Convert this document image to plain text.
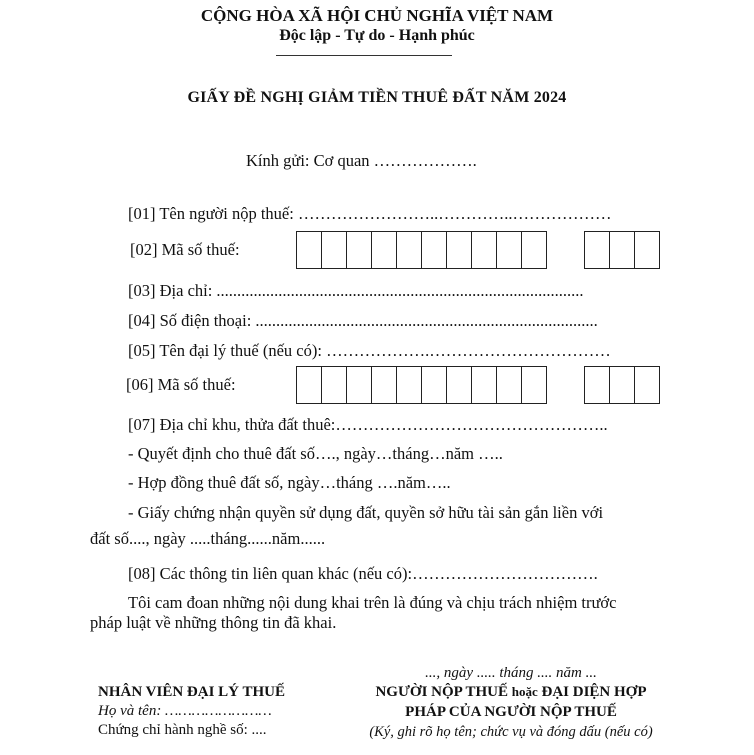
CỘNG HÒA XÃ HỘI CHỦ NGHĨA VIỆT NAM
Độc lập - Tự do - Hạnh phúc
GIẤY ĐỀ NGHỊ GIẢM TIỀN THUÊ ĐẤT NĂM 2024
Kính gửi: Cơ quan ……………….
[01] Tên người nộp thuế: ……………………..…………..………………
[02] Mã số thuế:
[03] Địa chỉ: .........................................................................................
[04] Số điện thoại: ...................................................................................
[05] Tên đại lý thuế (nếu có): ……………….……………………………
[06] Mã số thuế:
[07] Địa chỉ khu, thửa đất thuê:…………………………………………..
- Quyết định cho thuê đất số…., ngày…tháng…năm …..
- Hợp đồng thuê đất số, ngày…tháng ….năm…..
- Giấy chứng nhận quyền sử dụng đất, quyền sở hữu tài sản gắn liền với
đất số...., ngày .....tháng......năm......
[08] Các thông tin liên quan khác (nếu có):…………………………….
Tôi cam đoan những nội dung khai trên là đúng và chịu trách nhiệm trước
pháp luật về những thông tin đã khai.
NHÂN VIÊN ĐẠI LÝ THUẾ
Họ và tên: ……………………
Chứng chỉ hành nghề số: ....
..., ngày ..... tháng .... năm ...
NGƯỜI NỘP THUẾ hoặc ĐẠI DIỆN HỢP
PHÁP CỦA NGƯỜI NỘP THUẾ
(Ký, ghi rõ họ tên; chức vụ và đóng dấu (nếu có)
